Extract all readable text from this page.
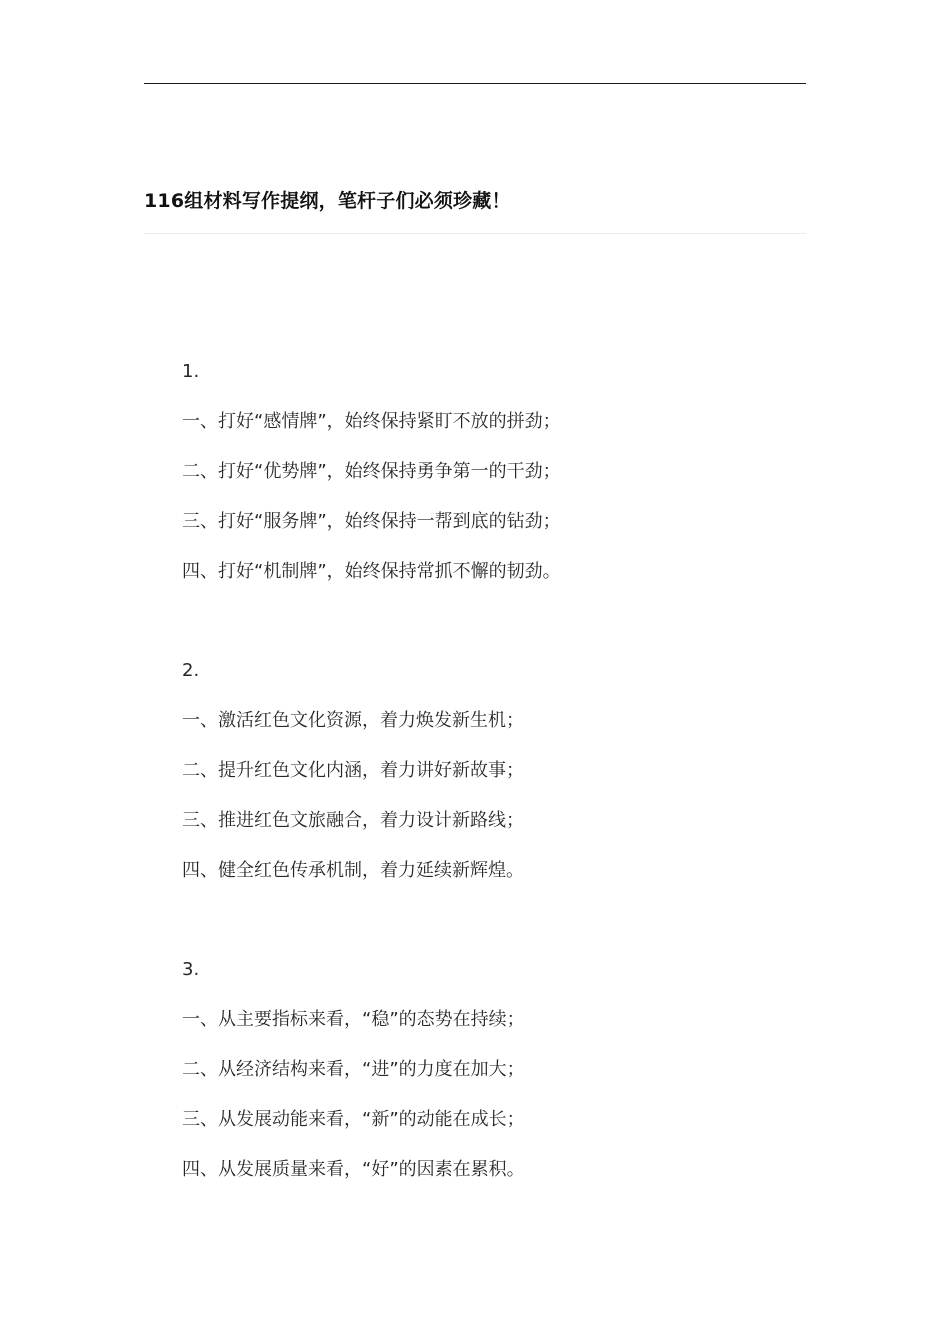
116组材料写作提纲，笔杆子们必须珍藏！
1.
一、打好“感情牌”，始终保持紧盯不放的拼劲；
二、打好“优势牌”，始终保持勇争第一的干劲；
三、打好“服务牌”，始终保持一帮到底的钻劲；
四、打好“机制牌”，始终保持常抓不懈的韧劲。
2.
一、激活红色文化资源，着力焕发新生机；
二、提升红色文化内涵，着力讲好新故事；
三、推进红色文旅融合，着力设计新路线；
四、健全红色传承机制，着力延续新辉煌。
3.
一、从主要指标来看，“稳”的态势在持续；
二、从经济结构来看，“进”的力度在加大；
三、从发展动能来看，“新”的动能在成长；
四、从发展质量来看，“好”的因素在累积。
